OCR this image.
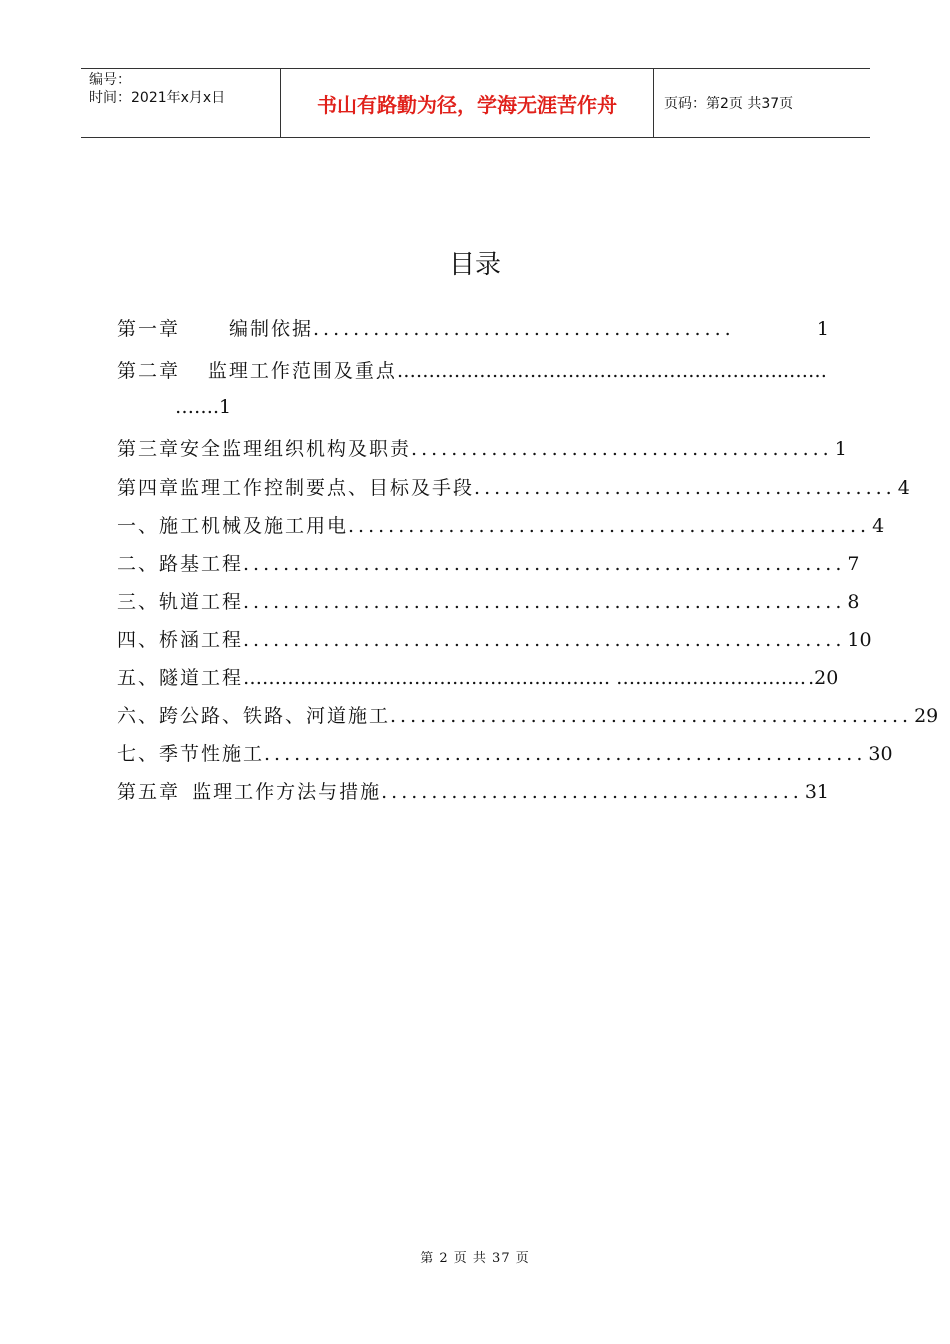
编号：
时间：2021年x月x日	书山有路勤为径，学海无涯苦作舟	页码：第2页 共37页
目录
第一章	编制依据 ..........................................	1
第二章	监理工作范围及重点 ……………………………………………………..……
…….1
第三章 安全监理组织机构及职责 .......................................... 1
第四章 监理工作控制要点、目标及手段 .......................................... 4
一、施工机械及施工用电 .................................................... 4
二、路基工程 ............................................................ 7
三、轨道工程 ............................................................ 8
四、桥涵工程 ............................................................ 10
五、隧道工程 …………………………………………………. ………………………… .20
六、跨公路、铁路、河道施工 .................................................... 29
七、季节性施工 ............................................................ 30
第五章 监理工作方法与措施 .......................................... 31
第 2 页 共 37 页
